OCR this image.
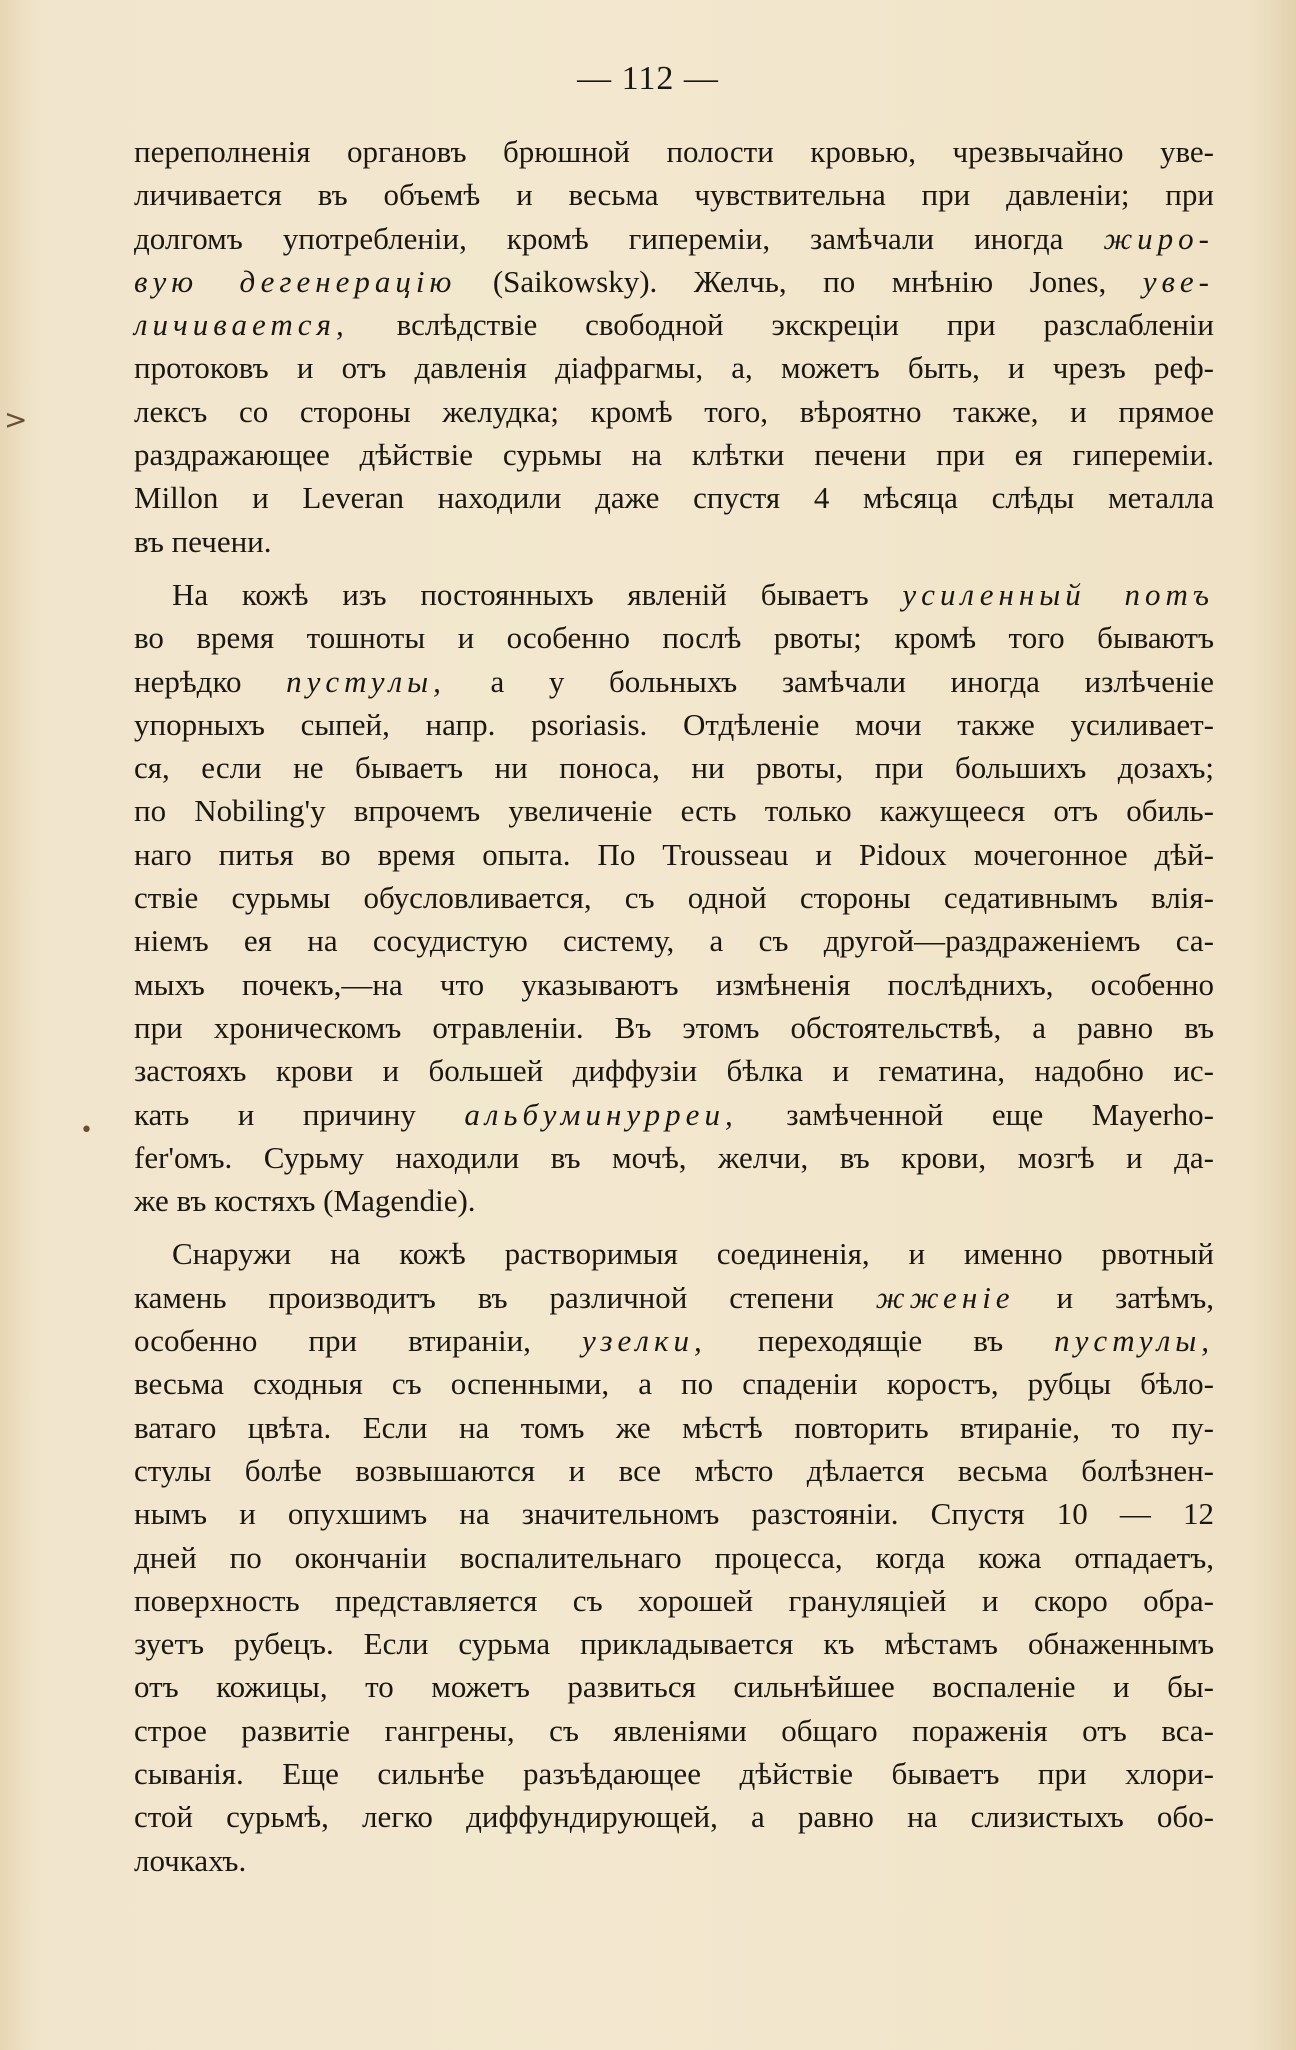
>
•
— 112 —
переполненія органовъ брюшной полости кровью, чрезвычайно уве-
личивается въ объемѣ и весьма чувствительна при давленіи; при
долгомъ употребленіи, кромѣ гипереміи, замѣчали иногда жиро-
вую дегенерацію (Saikowsky). Желчь, по мнѣнію Jones, уве-
личивается, вслѣдствіе свободной экскреціи при разслабленіи
протоковъ и отъ давленія діафрагмы, а, можетъ быть, и чрезъ реф-
лексъ со стороны желудка; кромѣ того, вѣроятно также, и прямое
раздражающее дѣйствіе сурьмы на клѣтки печени при ея гипереміи.
Millon и Leveran находили даже спустя 4 мѣсяца слѣды металла
въ печени.
На кожѣ изъ постоянныхъ явленій бываетъ усиленный потъ
во время тошноты и особенно послѣ рвоты; кромѣ того бываютъ
нерѣдко пустулы, а у больныхъ замѣчали иногда излѣченіе
упорныхъ сыпей, напр. psoriasis. Отдѣленіе мочи также усиливает-
ся, если не бываетъ ни поноса, ни рвоты, при большихъ дозахъ;
по Nobiling'у впрочемъ увеличеніе есть только кажущееся отъ обиль-
наго питья во время опыта. По Trousseau и Pidoux мочегонное дѣй-
ствіе сурьмы обусловливается, съ одной стороны седативнымъ влія-
ніемъ ея на сосудистую систему, а съ другой—раздраженіемъ са-
мыхъ почекъ,—на что указываютъ измѣненія послѣднихъ, особенно
при хроническомъ отравленіи. Въ этомъ обстоятельствѣ, а равно въ
застояхъ крови и большей диффузіи бѣлка и гематина, надобно ис-
кать и причину альбуминурреи, замѣченной еще Mayerho-
fer'омъ. Сурьму находили въ мочѣ, желчи, въ крови, мозгѣ и да-
же въ костяхъ (Magendie).
Снаружи на кожѣ растворимыя соединенія, и именно рвотный
камень производитъ въ различной степени жженіе и затѣмъ,
особенно при втираніи, узелки, переходящіе въ пустулы,
весьма сходныя съ оспенными, а по спаденіи коростъ, рубцы бѣло-
ватаго цвѣта. Если на томъ же мѣстѣ повторить втираніе, то пу-
стулы болѣе возвышаются и все мѣсто дѣлается весьма болѣзнен-
нымъ и опухшимъ на значительномъ разстояніи. Спустя 10 — 12
дней по окончаніи воспалительнаго процесса, когда кожа отпадаетъ,
поверхность представляется съ хорошей грануляціей и скоро обра-
зуетъ рубецъ. Если сурьма прикладывается къ мѣстамъ обнаженнымъ
отъ кожицы, то можетъ развиться сильнѣйшее воспаленіе и бы-
строе развитіе гангрены, съ явленіями общаго пораженія отъ вса-
сыванія. Еще сильнѣе разъѣдающее дѣйствіе бываетъ при хлори-
стой сурьмѣ, легко диффундирующей, а равно на слизистыхъ обо-
лочкахъ.
